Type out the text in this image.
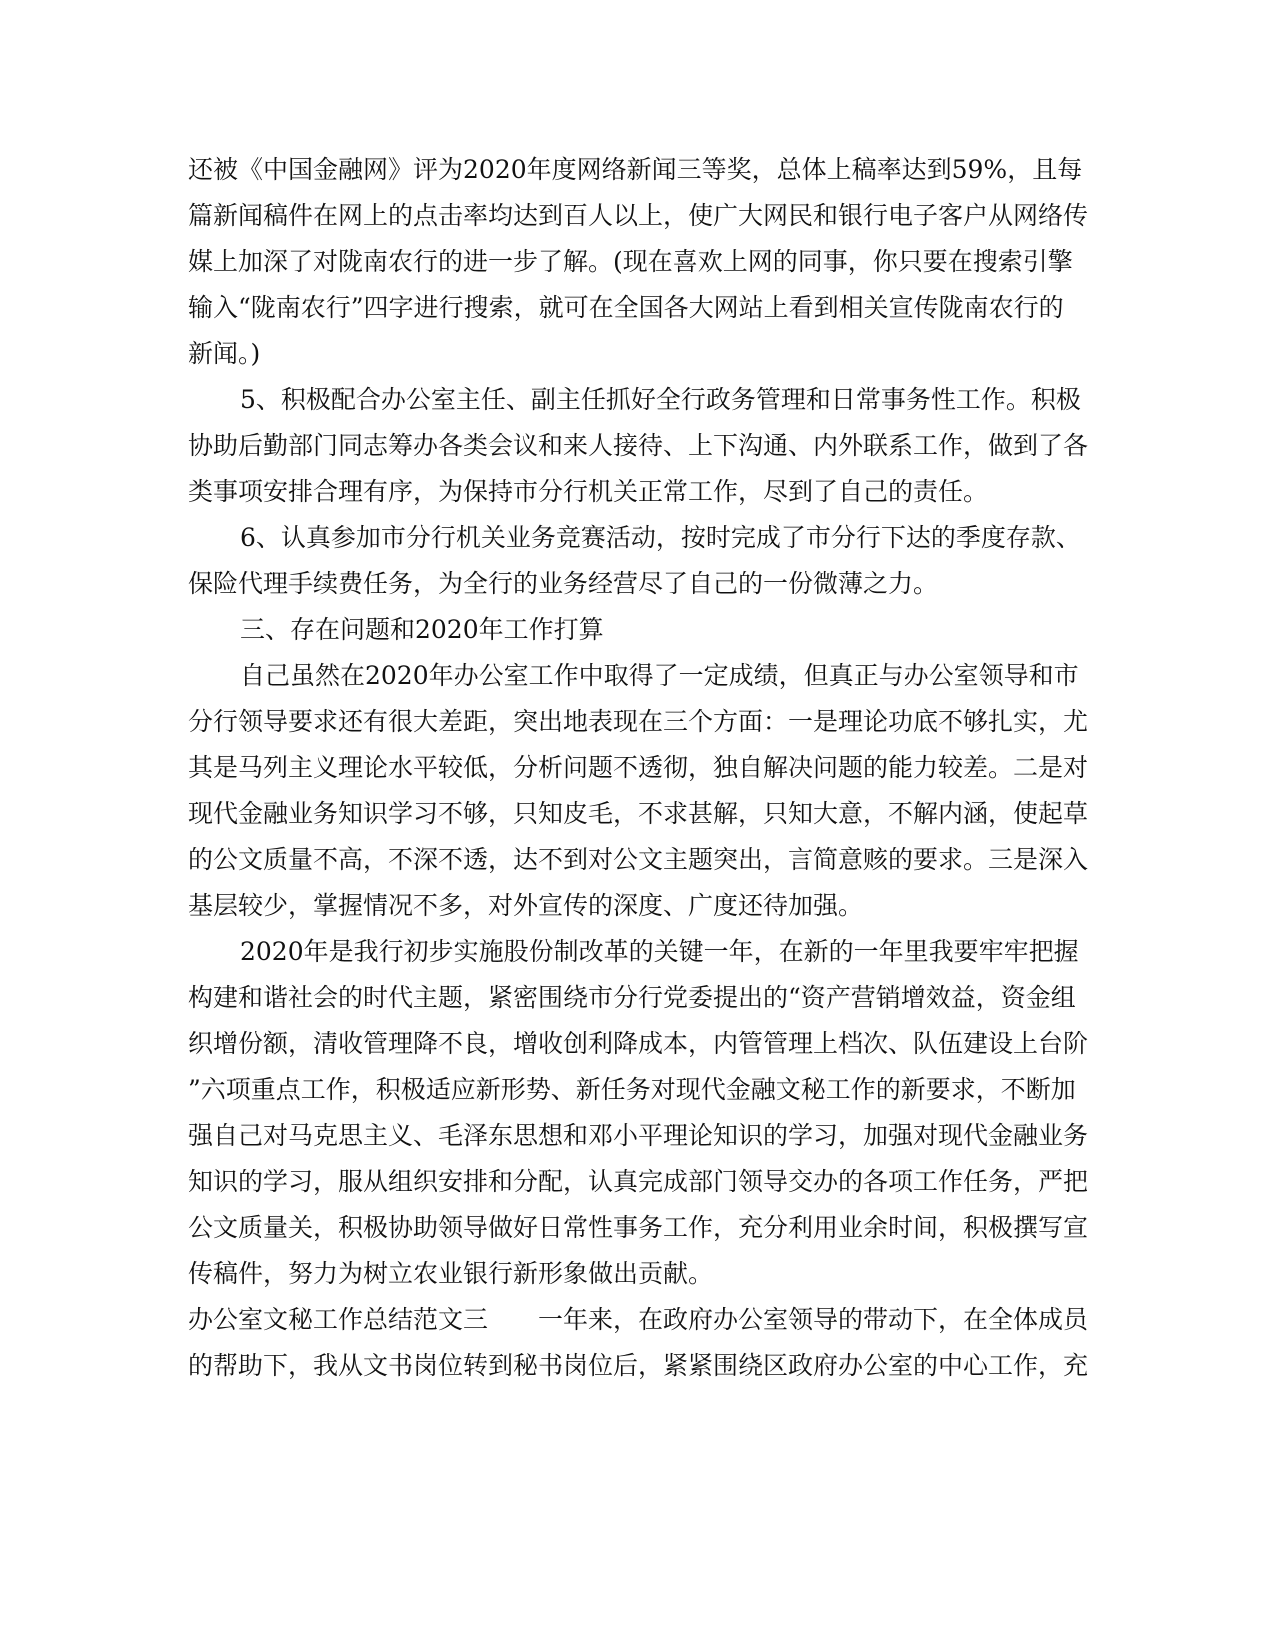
还被《中国金融网》评为2020年度网络新闻三等奖，总体上稿率达到59%，且每
篇新闻稿件在网上的点击率均达到百人以上，使广大网民和银行电子客户从网络传
媒上加深了对陇南农行的进一步了解。(现在喜欢上网的同事，你只要在搜索引擎
输入“陇南农行”四字进行搜索，就可在全国各大网站上看到相关宣传陇南农行的
新闻。)
5、积极配合办公室主任、副主任抓好全行政务管理和日常事务性工作。积极
协助后勤部门同志筹办各类会议和来人接待、上下沟通、内外联系工作，做到了各
类事项安排合理有序，为保持市分行机关正常工作，尽到了自己的责任。
6、认真参加市分行机关业务竞赛活动，按时完成了市分行下达的季度存款、
保险代理手续费任务，为全行的业务经营尽了自己的一份微薄之力。
三、存在问题和2020年工作打算
自己虽然在2020年办公室工作中取得了一定成绩，但真正与办公室领导和市
分行领导要求还有很大差距，突出地表现在三个方面：一是理论功底不够扎实，尤
其是马列主义理论水平较低，分析问题不透彻，独自解决问题的能力较差。二是对
现代金融业务知识学习不够，只知皮毛，不求甚解，只知大意，不解内涵，使起草
的公文质量不高，不深不透，达不到对公文主题突出，言简意赅的要求。三是深入
基层较少，掌握情况不多，对外宣传的深度、广度还待加强。
2020年是我行初步实施股份制改革的关键一年，在新的一年里我要牢牢把握
构建和谐社会的时代主题，紧密围绕市分行党委提出的“资产营销增效益，资金组
织增份额，清收管理降不良，增收创利降成本，内管管理上档次、队伍建设上台阶
”六项重点工作，积极适应新形势、新任务对现代金融文秘工作的新要求，不断加
强自己对马克思主义、毛泽东思想和邓小平理论知识的学习，加强对现代金融业务
知识的学习，服从组织安排和分配，认真完成部门领导交办的各项工作任务，严把
公文质量关，积极协助领导做好日常性事务工作，充分利用业余时间，积极撰写宣
传稿件，努力为树立农业银行新形象做出贡献。
办公室文秘工作总结范文三　　一年来，在政府办公室领导的带动下，在全体成员
的帮助下，我从文书岗位转到秘书岗位后，紧紧围绕区政府办公室的中心工作，充
